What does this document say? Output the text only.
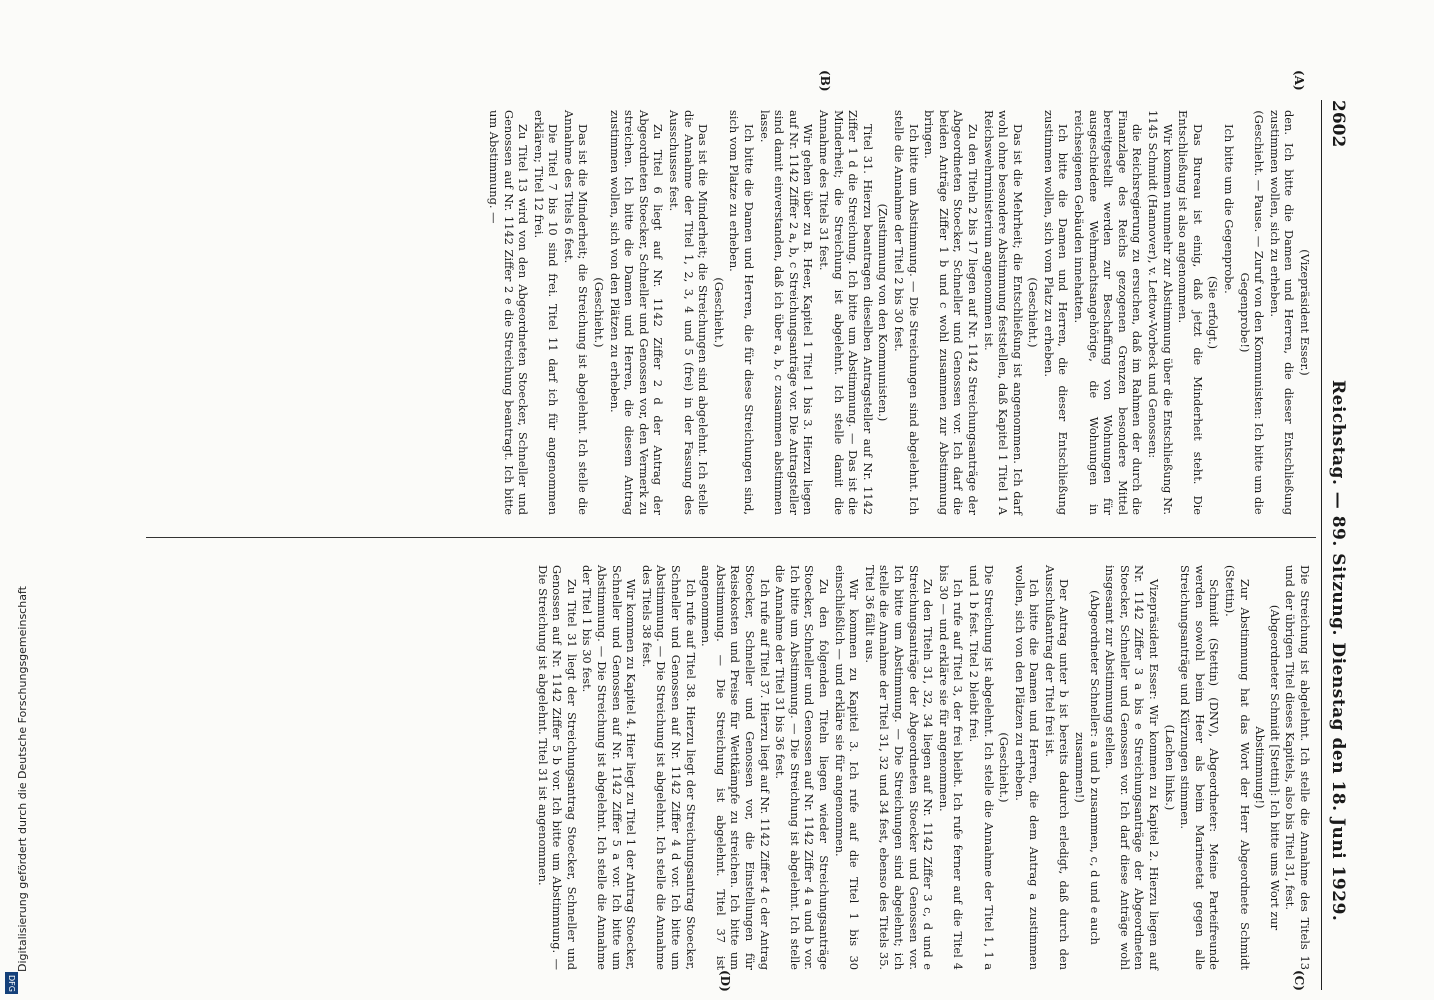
2602
Reichstag. — 89. Sitzung. Dienstag den 18. Juni 1929.
(A)
(B)
(C)
(D)

(Vizepräsident Esser.)

den. Ich bitte die Damen und Herren, die dieser Entschließung zustimmen wollen, sich zu erheben.

(Geschieht. — Pause. — Zuruf von den Kommunisten: Ich bitte um die Gegenprobe!)

Ich bitte um die Gegenprobe.

(Sie erfolgt.)

Das Bureau ist einig, daß jetzt die Minderheit steht. Die Entschließung ist also angenommen.

Wir kommen nunmehr zur Abstimmung über die Entschließung Nr. 1145 Schmidt (Hannover), v. Lettow-Vorbeck und Genossen:

die Reichsregierung zu ersuchen, daß im Rahmen der durch die Finanzlage des Reichs gezogenen Grenzen besondere Mittel bereitgestellt werden zur Beschaffung von Wohnungen für ausgeschiedene Wehrmachtsangehörige, die Wohnungen in reichseigenen Gebäuden innehatten.

Ich bitte die Damen und Herren, die dieser Entschließung zustimmen wollen, sich vom Platz zu erheben.

(Geschieht.)

Das ist die Mehrheit; die Entschließung ist angenommen. Ich darf wohl ohne besondere Abstimmung feststellen, daß Kapitel 1 Titel 1 A Reichswehrministerium angenommen ist.

Zu den Titeln 2 bis 17 liegen auf Nr. 1142 Streichungsanträge der Abgeordneten Stoecker, Schneller und Genossen vor. Ich darf die beiden Anträge Ziffer 1 b und c wohl zusammen zur Abstimmung bringen.

Ich bitte um Abstimmung. — Die Streichungen sind abgelehnt. Ich stelle die Annahme der Titel 2 bis 30 fest.

(Zustimmung von den Kommunisten.)

Titel 31. Hierzu beantragen dieselben Antragsteller auf Nr. 1142 Ziffer 1 d die Streichung. Ich bitte um Abstimmung. — Das ist die Minderheit; die Streichung ist abgelehnt. Ich stelle damit die Annahme des Titels 31 fest.

Wir gehen über zu B. Heer, Kapitel 1 Titel 1 bis 3. Hierzu liegen auf Nr. 1142 Ziffer 2 a, b, c Streichungsanträge vor. Die Antragsteller sind damit einverstanden, daß ich über a, b, c zusammen abstimmen lasse.

Ich bitte die Damen und Herren, die für diese Streichungen sind, sich vom Platze zu erheben.

(Geschieht.)

Das ist die Minderheit; die Streichungen sind abgelehnt. Ich stelle die Annahme der Titel 1, 2, 3, 4 und 5 (frei) in der Fassung des Ausschusses fest.

Zu Titel 6 liegt auf Nr. 1142 Ziffer 2 d der Antrag der Abgeordneten Stoecker, Schneller und Genossen vor, den Vermerk zu streichen. Ich bitte die Damen und Herren, die diesem Antrag zustimmen wollen, sich von den Plätzen zu erheben.

(Geschieht.)

Das ist die Minderheit; die Streichung ist abgelehnt. Ich stelle die Annahme des Titels 6 fest.

Die Titel 7 bis 10 sind frei. Titel 11 darf ich für angenommen erklären; Titel 12 frei.

Zu Titel 13 wird von den Abgeordneten Stoecker, Schneller und Genossen auf Nr. 1142 Ziffer 2 e die Streichung beantragt. Ich bitte um Abstimmung. —

Die Streichung ist abgelehnt. Ich stelle die Annahme des Titels 13 und der übrigen Titel dieses Kapitels, also bis Titel 31, fest.

(Abgeordneter Schmidt [Stettin]: Ich bitte ums Wort zur Abstimmung!)

Zur Abstimmung hat das Wort der Herr Abgeordnete Schmidt (Stettin).

Schmidt (Stettin) (DNV), Abgeordneter: Meine Parteifreunde werden sowohl beim Heer als beim Marineetat gegen alle Streichungsanträge und Kürzungen stimmen.

(Lachen links.)

Vizepräsident Esser: Wir kommen zu Kapitel 2. Hierzu liegen auf Nr. 1142 Ziffer 3 a bis e Streichungsanträge der Abgeordneten Stoecker, Schneller und Genossen vor. Ich darf diese Anträge wohl insgesamt zur Abstimmung stellen.

(Abgeordneter Schneller: a und b zusammen, c, d und e auch zusammen!)

Der Antrag unter b ist bereits dadurch erledigt, daß durch den Ausschußantrag der Titel frei ist.

Ich bitte die Damen und Herren, die dem Antrag a zustimmen wollen, sich von den Plätzen zu erheben.

(Geschieht.)

Die Streichung ist abgelehnt. Ich stelle die Annahme der Titel 1, 1 a und 1 b fest. Titel 2 bleibt frei.

Ich rufe auf Titel 3, der frei bleibt. Ich rufe ferner auf die Titel 4 bis 30 — und erkläre sie für angenommen.

Zu den Titeln 31, 32, 34 liegen auf Nr. 1142 Ziffer 3 c, d und e Streichungsanträge der Abgeordneten Stoecker und Genossen vor. Ich bitte um Abstimmung. — Die Streichungen sind abgelehnt; ich stelle die Annahme der Titel 31, 32 und 34 fest, ebenso des Titels 35. Titel 36 fällt aus.

Wir kommen zu Kapitel 3. Ich rufe auf die Titel 1 bis 30 einschließlich — und erkläre sie für angenommen.

Zu den folgenden Titeln liegen wieder Streichungsanträge Stoecker, Schneller und Genossen auf Nr. 1142 Ziffer 4 a und b vor. Ich bitte um Abstimmung. — Die Streichung ist abgelehnt. Ich stelle die Annahme der Titel 31 bis 36 fest.

Ich rufe auf Titel 37. Hierzu liegt auf Nr. 1142 Ziffer 4 c der Antrag Stoecker, Schneller und Genossen vor, die Einstellungen für Reisekosten und Preise für Wettkämpfe zu streichen. Ich bitte um Abstimmung. — Die Streichung ist abgelehnt. Titel 37 ist angenommen.

Ich rufe auf Titel 38. Hierzu liegt der Streichungsantrag Stoecker, Schneller und Genossen auf Nr. 1142 Ziffer 4 d vor. Ich bitte um Abstimmung. — Die Streichung ist abgelehnt. Ich stelle die Annahme des Titels 38 fest.

Wir kommen zu Kapitel 4. Hier liegt zu Titel 1 der Antrag Stoecker, Schneller und Genossen auf Nr. 1142 Ziffer 5 a vor. Ich bitte um Abstimmung. — Die Streichung ist abgelehnt. Ich stelle die Annahme der Titel 1 bis 30 fest.

Zu Titel 31 liegt der Streichungsantrag Stoecker, Schneller und Genossen auf Nr. 1142 Ziffer 5 b vor. Ich bitte um Abstimmung. — Die Streichung ist abgelehnt. Titel 31 ist angenommen.

Digitalisierung gefördert durch die Deutsche Forschungsgemeinschaft
DFG
